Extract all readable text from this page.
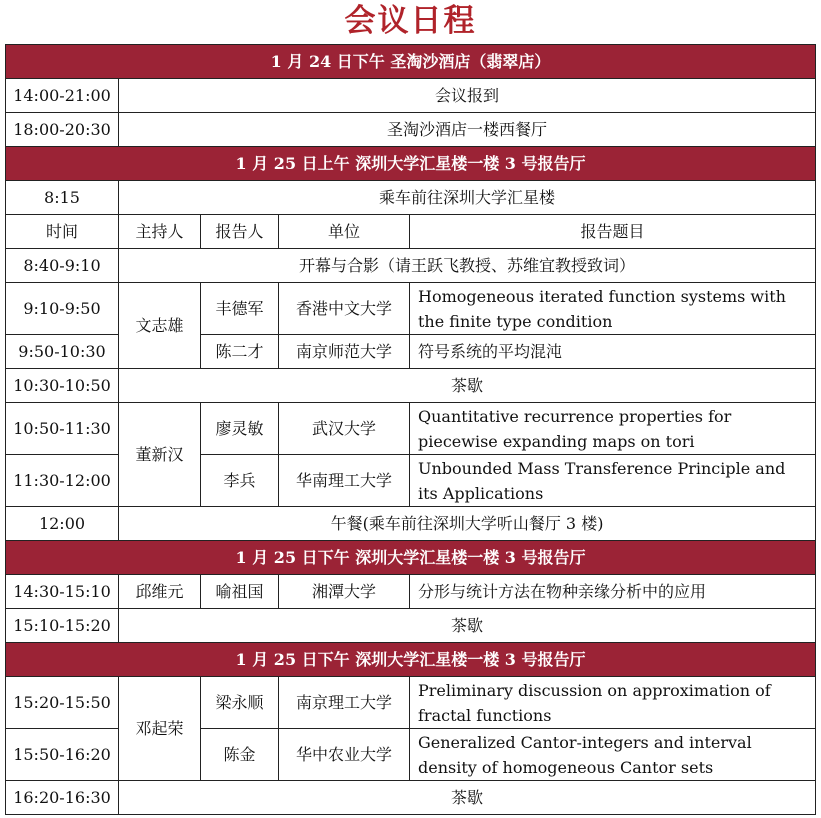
会议日程
1 月 24 日下午 圣淘沙酒店（翡翠店）				
14:00-21:00	会议报到			
18:00-20:30	圣淘沙酒店一楼西餐厅			
1 月 25 日上午 深圳大学汇星楼一楼 3 号报告厅				
8:15	乘车前往深圳大学汇星楼			
时间	主持人	报告人	单位	报告题目
8:40-9:10	开幕与合影（请王跃飞教授、苏维宜教授致词）			
9:10-9:50	文志雄	丰德军	香港中文大学	Homogeneous iterated function systems with the finite type condition
9:50-10:30		陈二才	南京师范大学	符号系统的平均混沌
10:30-10:50	茶歇			
10:50-11:30	董新汉	廖灵敏	武汉大学	Quantitative recurrence properties for piecewise expanding maps on tori
11:30-12:00		李兵	华南理工大学	Unbounded Mass Transference Principle and its Applications
12:00	午餐(乘车前往深圳大学听山餐厅 3 楼)			
1 月 25 日下午 深圳大学汇星楼一楼 3 号报告厅				
14:30-15:10	邱维元	喻祖国	湘潭大学	分形与统计方法在物种亲缘分析中的应用
15:10-15:20	茶歇			
1 月 25 日下午 深圳大学汇星楼一楼 3 号报告厅				
15:20-15:50	邓起荣	梁永顺	南京理工大学	Preliminary discussion on approximation of fractal functions
15:50-16:20		陈金	华中农业大学	Generalized Cantor-integers and interval density of homogeneous Cantor sets
16:20-16:30	茶歇			
